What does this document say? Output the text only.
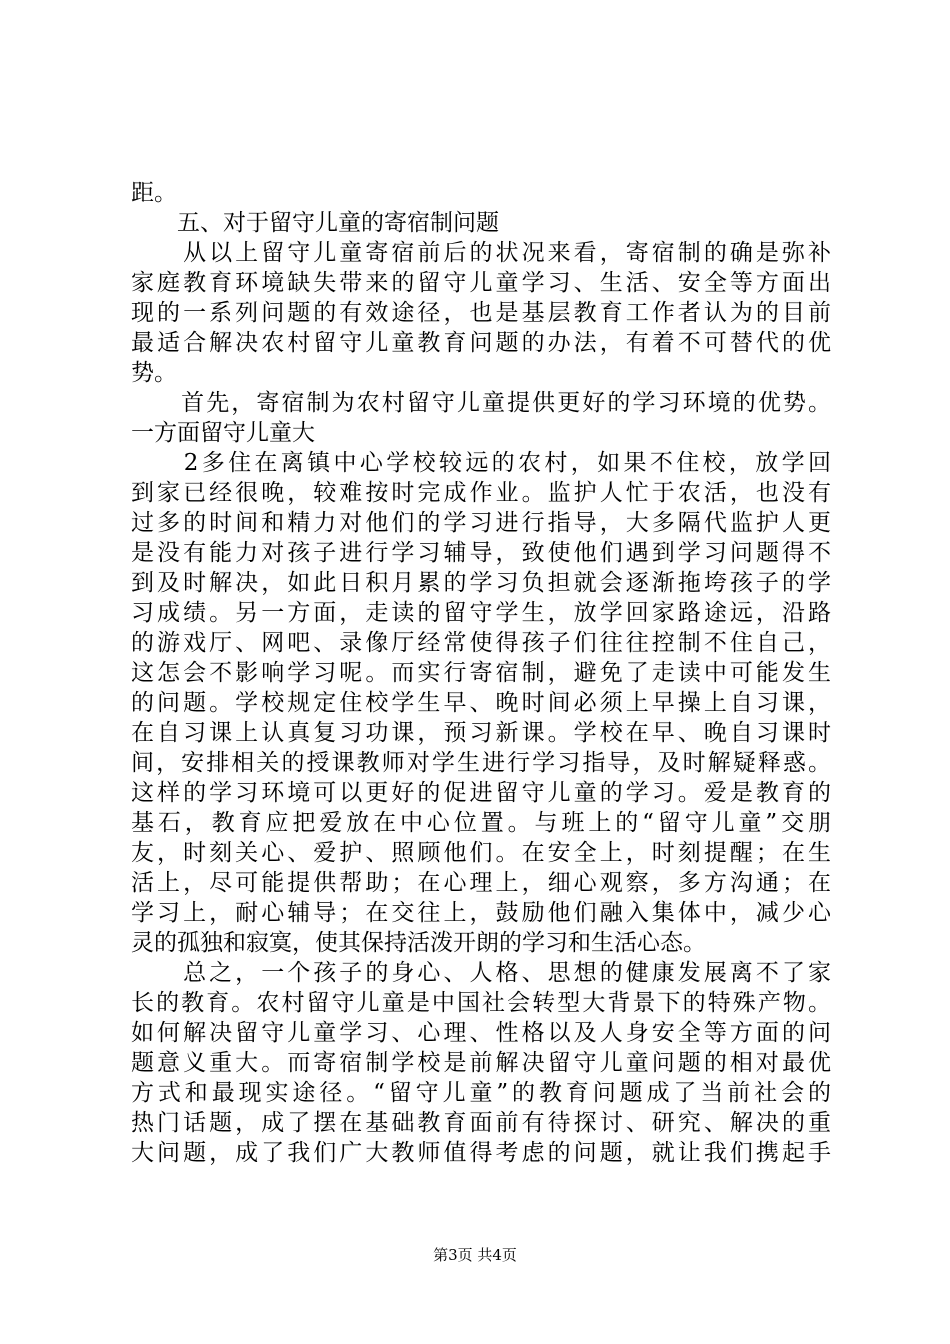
距。
　　五、对于留守儿童的寄宿制问题
　　从以上留守儿童寄宿前后的状况来看，寄宿制的确是弥补
家庭教育环境缺失带来的留守儿童学习、生活、安全等方面出
现的一系列问题的有效途径，也是基层教育工作者认为的目前
最适合解决农村留守儿童教育问题的办法，有着不可替代的优
势。
　　首先，寄宿制为农村留守儿童提供更好的学习环境的优势。
一方面留守儿童大
　　2多住在离镇中心学校较远的农村，如果不住校，放学回
到家已经很晚，较难按时完成作业。监护人忙于农活，也没有
过多的时间和精力对他们的学习进行指导，大多隔代监护人更
是没有能力对孩子进行学习辅导，致使他们遇到学习问题得不
到及时解决，如此日积月累的学习负担就会逐渐拖垮孩子的学
习成绩。另一方面，走读的留守学生，放学回家路途远，沿路
的游戏厅、网吧、录像厅经常使得孩子们往往控制不住自己，
这怎会不影响学习呢。而实行寄宿制，避免了走读中可能发生
的问题。学校规定住校学生早、晚时间必须上早操上自习课，
在自习课上认真复习功课，预习新课。学校在早、晚自习课时
间，安排相关的授课教师对学生进行学习指导，及时解疑释惑。
这样的学习环境可以更好的促进留守儿童的学习。爱是教育的
基石，教育应把爱放在中心位置。与班上的“留守儿童”交朋
友，时刻关心、爱护、照顾他们。在安全上，时刻提醒；在生
活上，尽可能提供帮助；在心理上，细心观察，多方沟通；在
学习上，耐心辅导；在交往上，鼓励他们融入集体中，减少心
灵的孤独和寂寞，使其保持活泼开朗的学习和生活心态。
　　总之，一个孩子的身心、人格、思想的健康发展离不了家
长的教育。农村留守儿童是中国社会转型大背景下的特殊产物。
如何解决留守儿童学习、心理、性格以及人身安全等方面的问
题意义重大。而寄宿制学校是前解决留守儿童问题的相对最优
方式和最现实途径。“留守儿童”的教育问题成了当前社会的
热门话题，成了摆在基础教育面前有待探讨、研究、解决的重
大问题，成了我们广大教师值得考虑的问题，就让我们携起手
第3页 共4页
